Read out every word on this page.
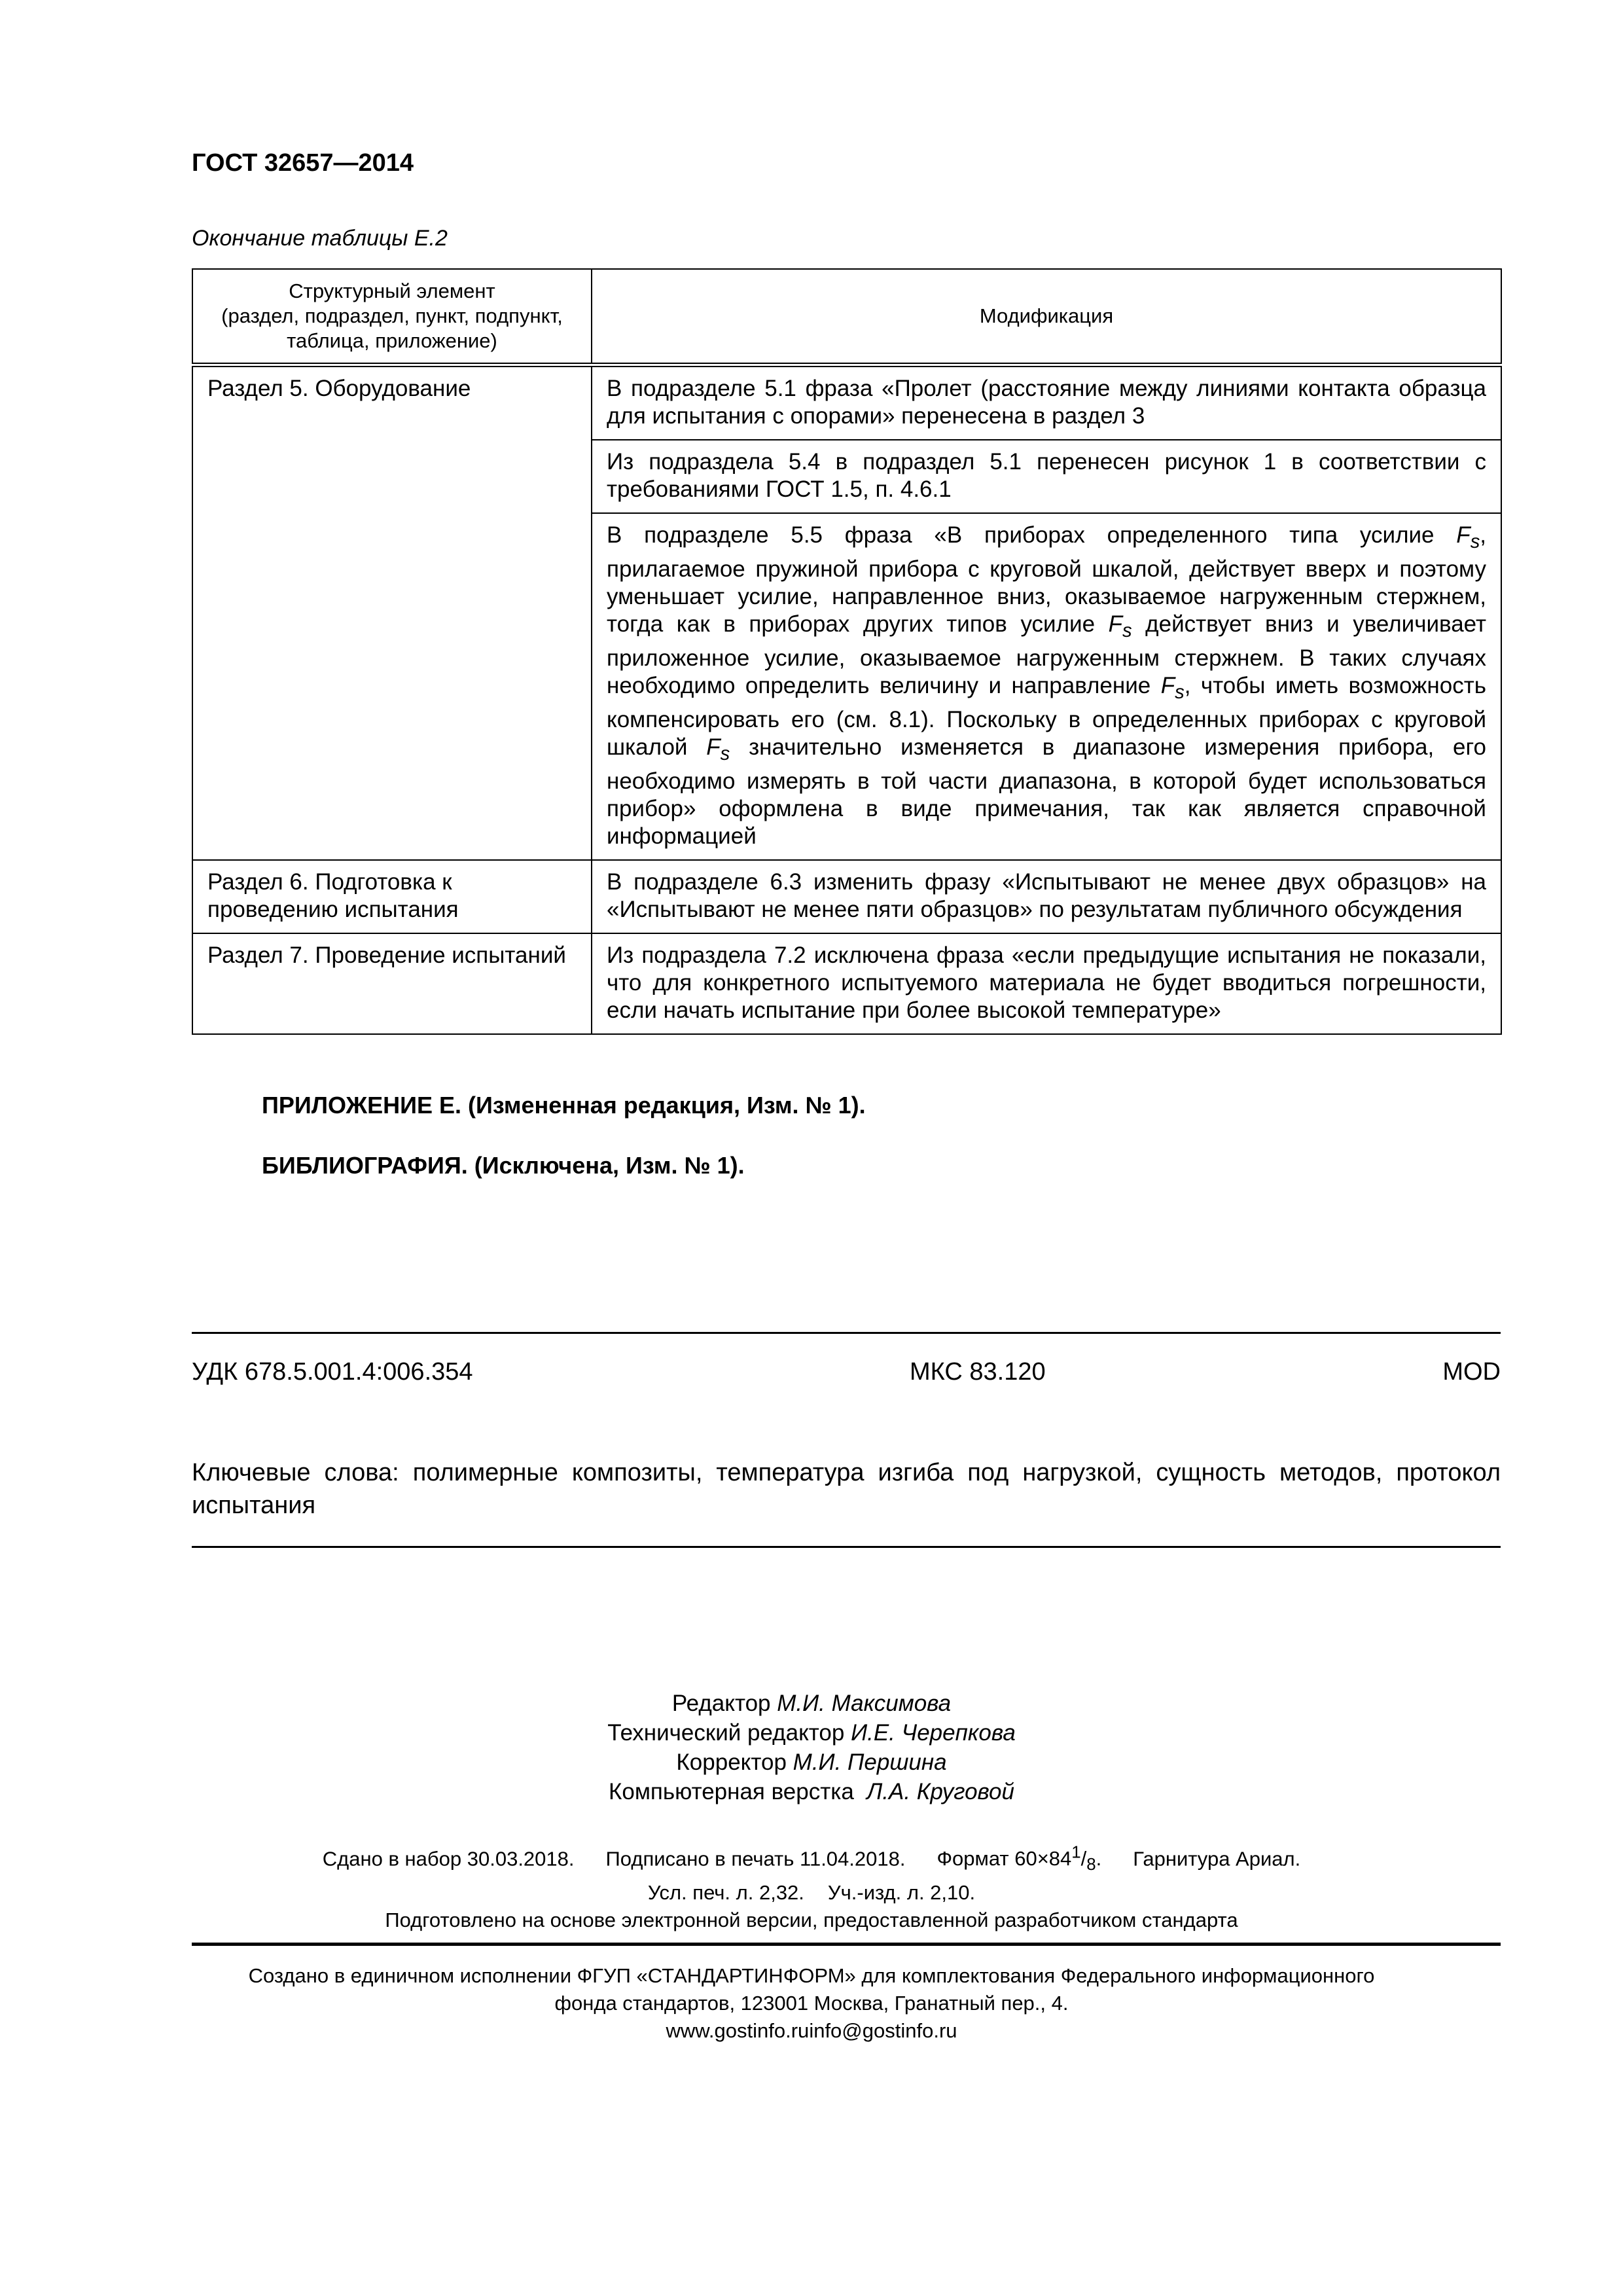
ГОСТ 32657—2014
Окончание таблицы Е.2
Структурный элемент
(раздел, подраздел, пункт, подпункт,
таблица, приложение)	Модификация
Раздел 5. Оборудование	В подразделе 5.1 фраза «Пролет (расстояние между линиями контакта образца для испытания с опорами» перенесена в раздел 3
	Из подраздела 5.4 в подраздел 5.1 перенесен рисунок 1 в соответствии с требованиями ГОСТ 1.5, п. 4.6.1
	В подразделе 5.5 фраза «В приборах определенного типа усилие $F_s$, прилагаемое пружиной прибора с круговой шкалой, действует вверх и поэтому уменьшает усилие, направленное вниз, оказываемое нагруженным стержнем, тогда как в приборах других типов усилие $F_s$ действует вниз и увеличивает приложенное усилие, оказываемое нагруженным стержнем. В таких случаях необходимо определить величину и направление $F_s$, чтобы иметь возможность компенсировать его (см. 8.1). Поскольку в определенных приборах с круговой шкалой $F_s$ значительно изменяется в диапазоне измерения прибора, его необходимо измерять в той части диапазона, в которой будет использоваться прибор» оформлена в виде примечания, так как является справочной информацией
Раздел 6. Подготовка к проведению испытания	В подразделе 6.3 изменить фразу «Испытывают не менее двух образцов» на «Испытывают не менее пяти образцов» по результатам публичного обсуждения
Раздел 7. Проведение испытаний	Из подраздела 7.2 исключена фраза «если предыдущие испытания не показали, что для конкретного испытуемого материала не будет вводиться погрешности, если начать испытание при более высокой температуре»
ПРИЛОЖЕНИЕ Е. (Измененная редакция, Изм. № 1).
БИБЛИОГРАФИЯ. (Исключена, Изм. № 1).
УДК 678.5.001.4:006.354	МКС 83.120	MOD
Ключевые слова: полимерные композиты, температура изгиба под нагрузкой, сущность методов, протокол испытания
Редактор М.И. Максимова
Технический редактор И.Е. Черепкова
Корректор М.И. Першина
Компьютерная верстка Л.А. Круговой
Сдано в набор 30.03.2018. Подписано в печать 11.04.2018. Формат $60\times 84^1/_8$. Гарнитура Ариал.
Усл. печ. л. 2,32. Уч.-изд. л. 2,10.
Подготовлено на основе электронной версии, предоставленной разработчиком стандарта
Создано в единичном исполнении ФГУП «СТАНДАРТИНФОРМ» для комплектования Федерального информационного
фонда стандартов, 123001 Москва, Гранатный пер., 4.
www.gostinfo.ruinfo@gostinfo.ru
